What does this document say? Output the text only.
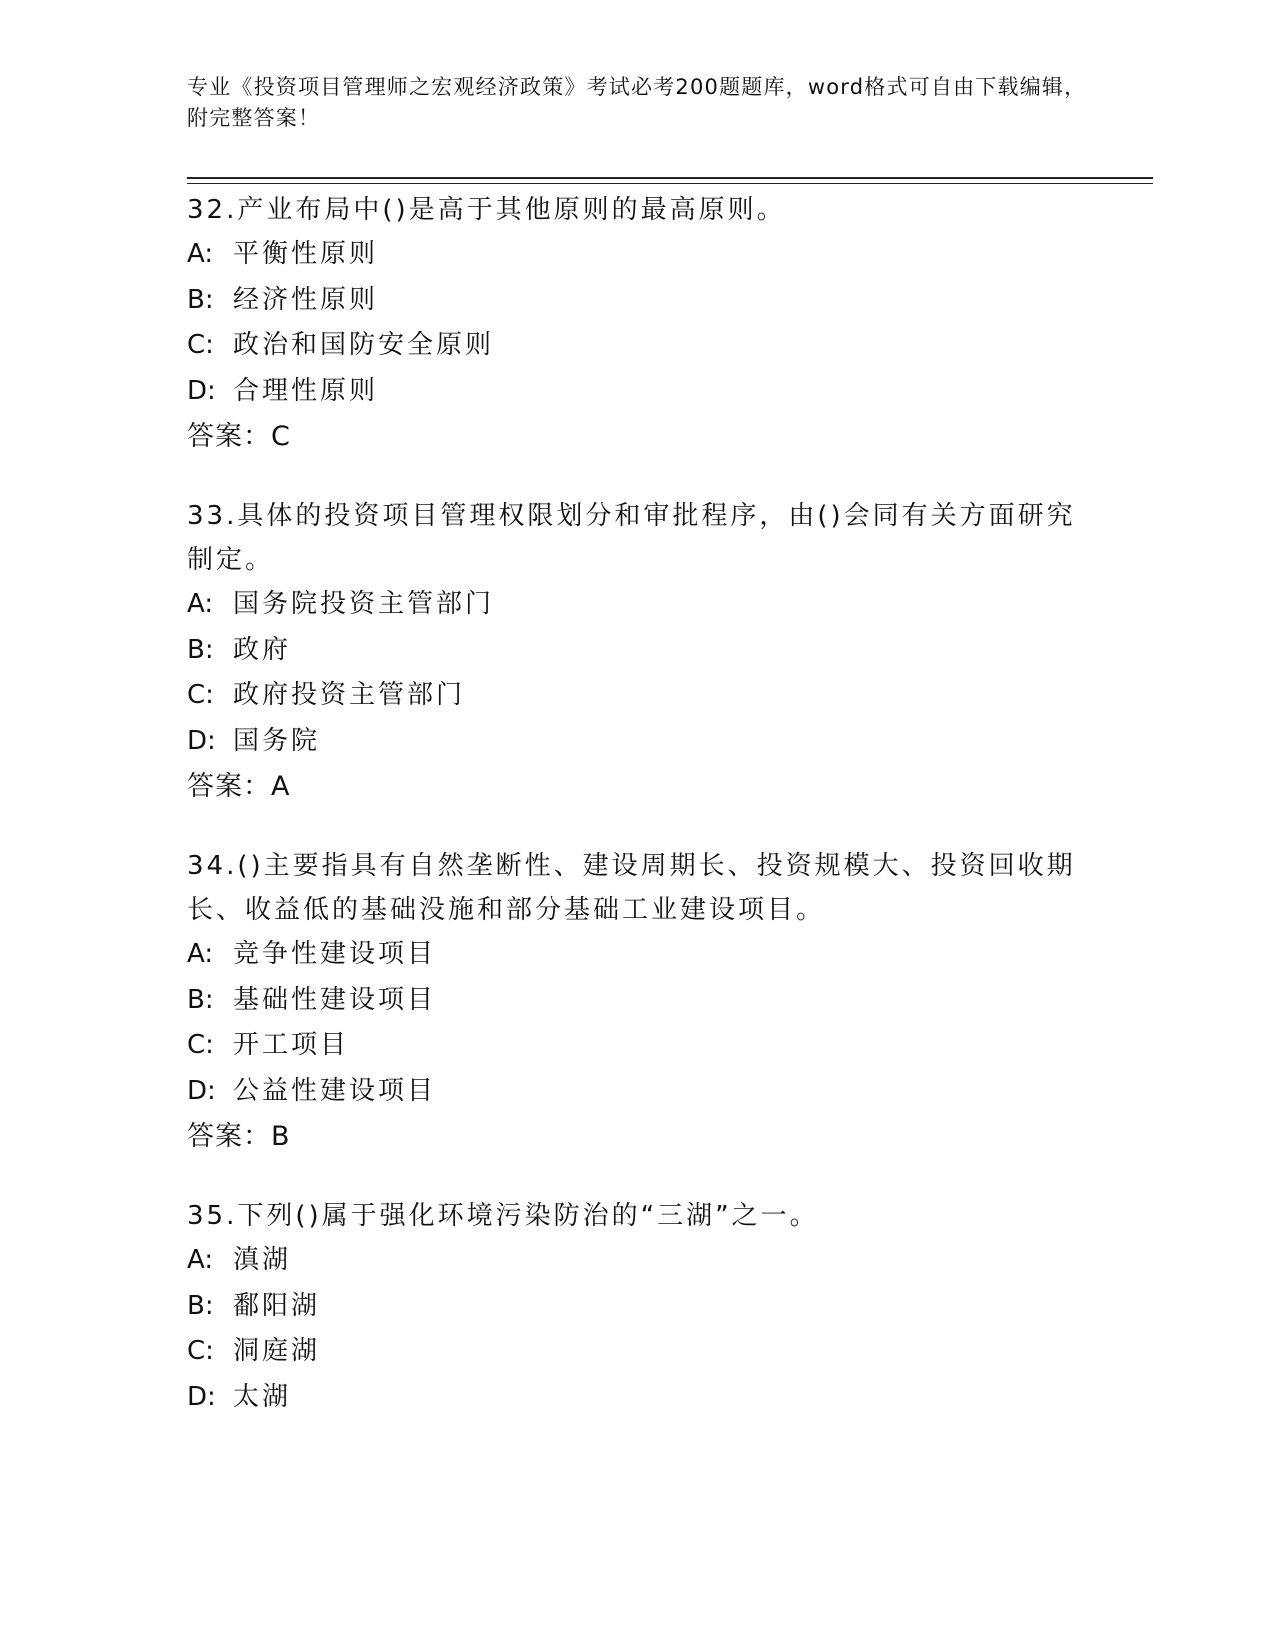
专业《投资项目管理师之宏观经济政策》考试必考200题题库，word格式可自由下载编辑，附完整答案！

32.产业布局中()是高于其他原则的最高原则。

A: 平衡性原则
B: 经济性原则
C: 政治和国防安全原则
D: 合理性原则
答案：C

33.具体的投资项目管理权限划分和审批程序，由()会同有关方面研究制定。

A: 国务院投资主管部门
B: 政府
C: 政府投资主管部门
D: 国务院
答案：A

34.()主要指具有自然垄断性、建设周期长、投资规模大、投资回收期长、收益低的基础没施和部分基础工业建设项目。

A: 竞争性建设项目
B: 基础性建设项目
C: 开工项目
D: 公益性建设项目
答案：B

35.下列()属于强化环境污染防治的“三湖”之一。

A: 滇湖
B: 鄱阳湖
C: 洞庭湖
D: 太湖
